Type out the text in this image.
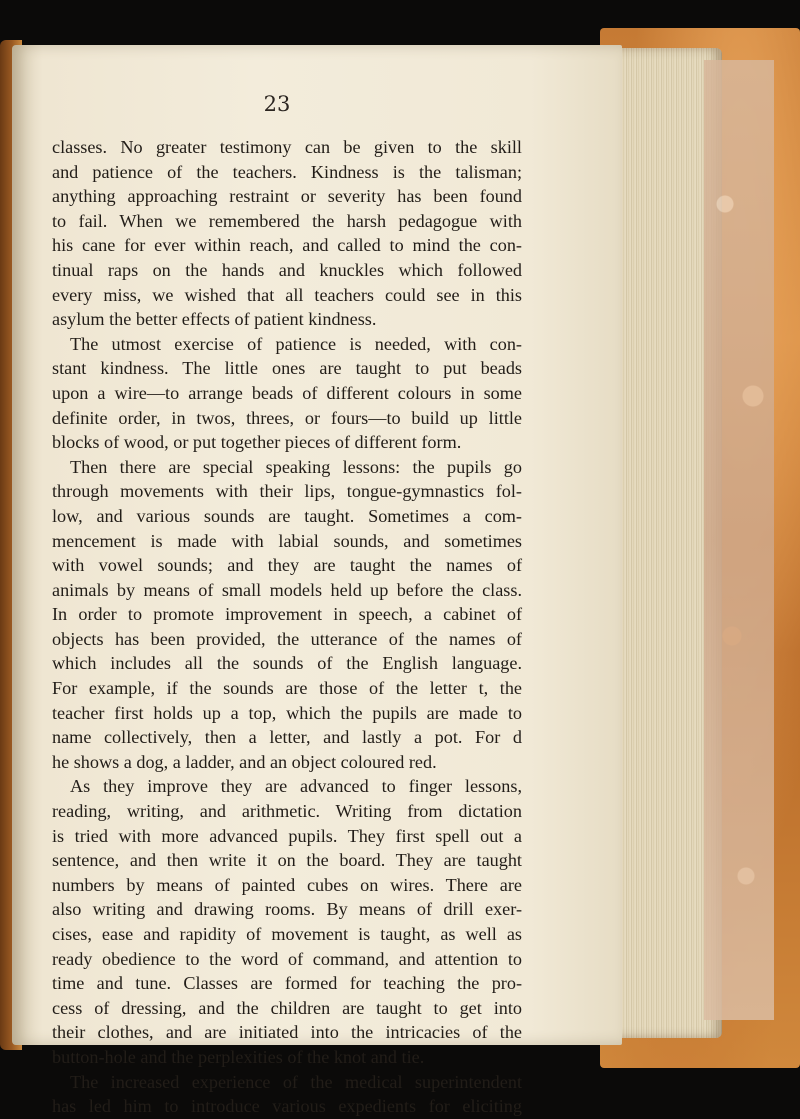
23
classes. No greater testimony can be given to the skill
and patience of the teachers. Kindness is the talisman;
anything approaching restraint or severity has been found
to fail. When we remembered the harsh pedagogue with
his cane for ever within reach, and called to mind the con-
tinual raps on the hands and knuckles which followed
every miss, we wished that all teachers could see in this
asylum the better effects of patient kindness.
The utmost exercise of patience is needed, with con-
stant kindness. The little ones are taught to put beads
upon a wire—to arrange beads of different colours in some
definite order, in twos, threes, or fours—to build up little
blocks of wood, or put together pieces of different form.
Then there are special speaking lessons: the pupils go
through movements with their lips, tongue-gymnastics fol-
low, and various sounds are taught. Sometimes a com-
mencement is made with labial sounds, and sometimes
with vowel sounds; and they are taught the names of
animals by means of small models held up before the class.
In order to promote improvement in speech, a cabinet of
objects has been provided, the utterance of the names of
which includes all the sounds of the English language.
For example, if the sounds are those of the letter t, the
teacher first holds up a top, which the pupils are made to
name collectively, then a letter, and lastly a pot. For d
he shows a dog, a ladder, and an object coloured red.
As they improve they are advanced to finger lessons,
reading, writing, and arithmetic. Writing from dictation
is tried with more advanced pupils. They first spell out a
sentence, and then write it on the board. They are taught
numbers by means of painted cubes on wires. There are
also writing and drawing rooms. By means of drill exer-
cises, ease and rapidity of movement is taught, as well as
ready obedience to the word of command, and attention to
time and tune. Classes are formed for teaching the pro-
cess of dressing, and the children are taught to get into
their clothes, and are initiated into the intricacies of the
button-hole and the perplexities of the knot and tie.
The increased experience of the medical superintendent
has led him to introduce various expedients for eliciting
